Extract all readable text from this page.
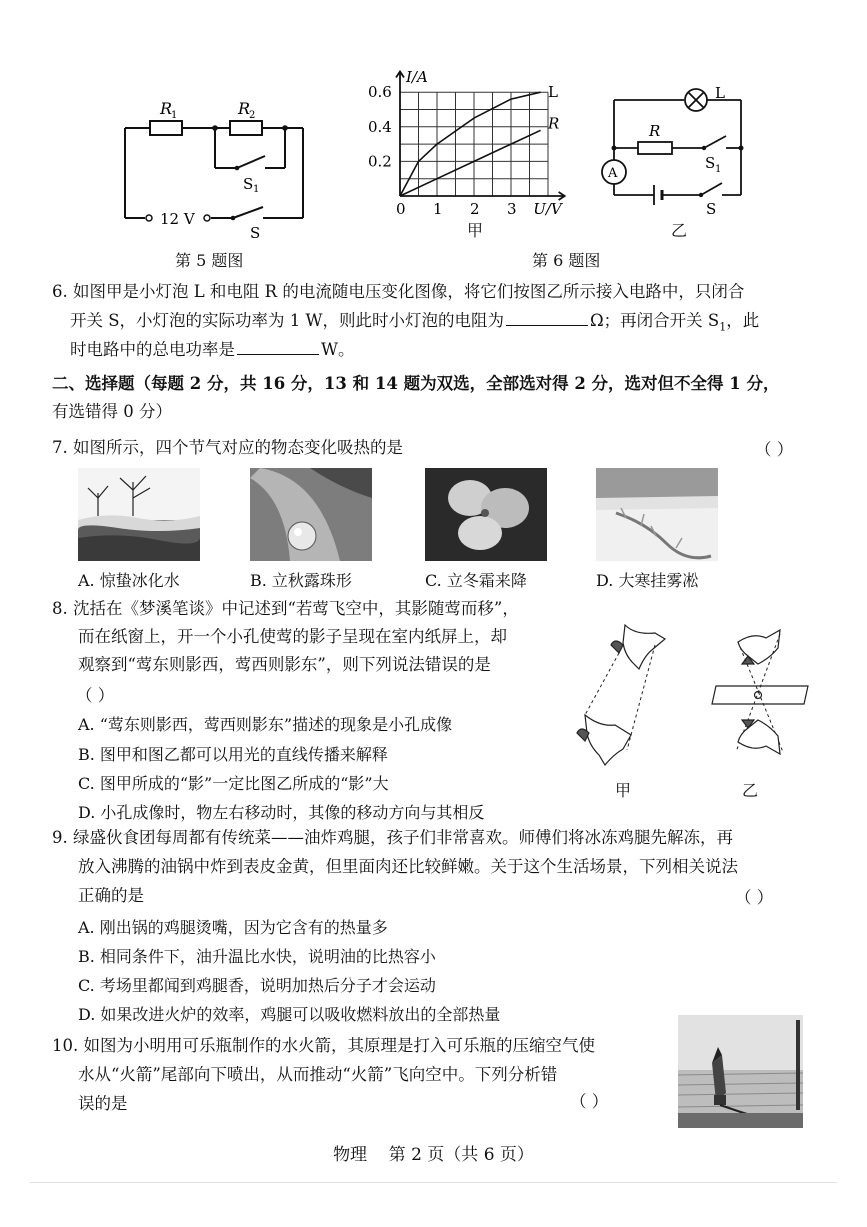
R
1	R
2
S 1
12 V
S
第 5 题图
0.6
0.4
0.2
0 1 2 3
I/A
U/V
L
R
甲
第 6 题图
L
R
S 1
A
S
乙
6. 如图甲是小灯泡 L 和电阻 R 的电流随电压变化图像，将它们按图乙所示接入电路中，只闭合
开关 S，小灯泡的实际功率为 1 W，则此时小灯泡的电阻为	Ω；再闭合开关 $S_1$，此
时电路中的总电功率是	W。
二、选择题（每题 2 分，共 16 分，13 和 14 题为双选，全部选对得 2 分，选对但不全得 1 分，
有选错得 0 分）
7. 如图所示，四个节气对应的物态变化吸热的是	（ ）
A. 惊蛰冰化水	B. 立秋露珠形	C. 立冬霜来降	D. 大寒挂雾凇
8. 沈括在《梦溪笔谈》中记述到“若莺飞空中，其影随莺而移”，
而在纸窗上，开一个小孔使莺的影子呈现在室内纸屏上，却
观察到“莺东则影西，莺西则影东”，则下列说法错误的是
（ ）
A. “莺东则影西，莺西则影东”描述的现象是小孔成像
B. 图甲和图乙都可以用光的直线传播来解释
C. 图甲所成的“影”一定比图乙所成的“影”大
D. 小孔成像时，物左右移动时，其像的移动方向与其相反
甲	乙
9. 绿盛伙食团每周都有传统菜——油炸鸡腿，孩子们非常喜欢。师傅们将冰冻鸡腿先解冻，再
放入沸腾的油锅中炸到表皮金黄，但里面肉还比较鲜嫩。关于这个生活场景，下列相关说法
正确的是	（ ）
A. 刚出锅的鸡腿烫嘴，因为它含有的热量多
B. 相同条件下，油升温比水快，说明油的比热容小
C. 考场里都闻到鸡腿香，说明加热后分子才会运动
D. 如果改进火炉的效率，鸡腿可以吸收燃料放出的全部热量
10. 如图为小明用可乐瓶制作的水火箭，其原理是打入可乐瓶的压缩空气使
水从“火箭”尾部向下喷出，从而推动“火箭”飞向空中。下列分析错
误的是	（ ）
物理    第 2 页（共 6 页）
